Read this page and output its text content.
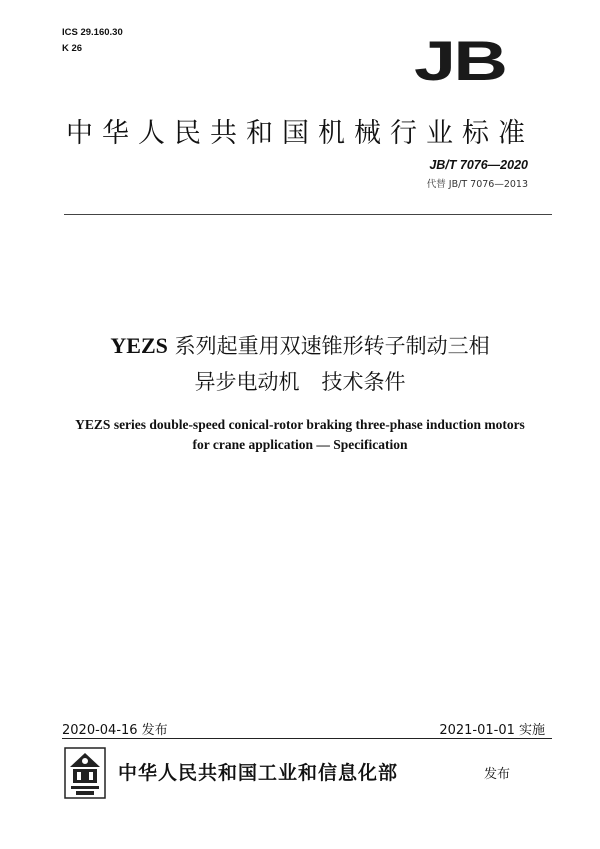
ICS 29.160.30
K 26	JB
中华人民共和国机械行业标准
JB/T 7076—2020
代替 JB/T 7076—2013
YEZS 系列起重用双速锥形转子制动三相
异步电动机 技术条件
YEZS series double-speed conical-rotor braking three-phase induction motors
for crane application — Specification
2020-04-16 发布	2021-01-01 实施
中华人民共和国工业和信息化部	发布
